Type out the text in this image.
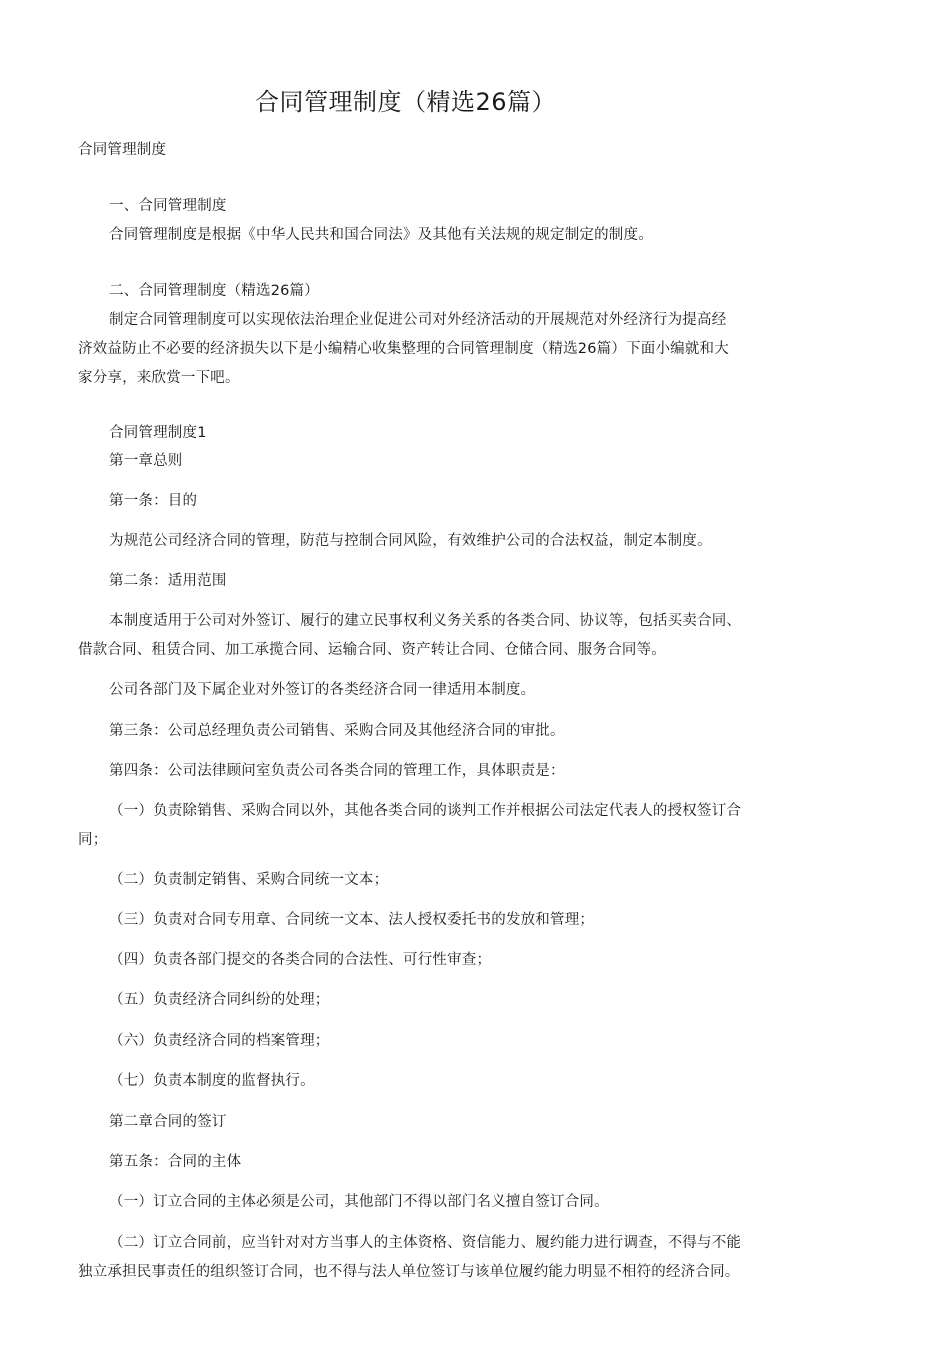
合同管理制度（精选26篇）
合同管理制度
一、合同管理制度
合同管理制度是根据《中华人民共和国合同法》及其他有关法规的规定制定的制度。
二、合同管理制度（精选26篇）
制定合同管理制度可以实现依法治理企业促进公司对外经济活动的开展规范对外经济行为提高经
济效益防止不必要的经济损失以下是小编精心收集整理的合同管理制度（精选26篇）下面小编就和大
家分享，来欣赏一下吧。
合同管理制度1
第一章总则
第一条：目的
为规范公司经济合同的管理，防范与控制合同风险，有效维护公司的合法权益，制定本制度。
第二条：适用范围
本制度适用于公司对外签订、履行的建立民事权利义务关系的各类合同、协议等，包括买卖合同、
借款合同、租赁合同、加工承揽合同、运输合同、资产转让合同、仓储合同、服务合同等。
公司各部门及下属企业对外签订的各类经济合同一律适用本制度。
第三条：公司总经理负责公司销售、采购合同及其他经济合同的审批。
第四条：公司法律顾问室负责公司各类合同的管理工作，具体职责是：
（一）负责除销售、采购合同以外，其他各类合同的谈判工作并根据公司法定代表人的授权签订合
同；
（二）负责制定销售、采购合同统一文本；
（三）负责对合同专用章、合同统一文本、法人授权委托书的发放和管理；
（四）负责各部门提交的各类合同的合法性、可行性审查；
（五）负责经济合同纠纷的处理；
（六）负责经济合同的档案管理；
（七）负责本制度的监督执行。
第二章合同的签订
第五条：合同的主体
（一）订立合同的主体必须是公司，其他部门不得以部门名义擅自签订合同。
（二）订立合同前，应当针对对方当事人的主体资格、资信能力、履约能力进行调查，不得与不能
独立承担民事责任的组织签订合同，也不得与法人单位签订与该单位履约能力明显不相符的经济合同。
